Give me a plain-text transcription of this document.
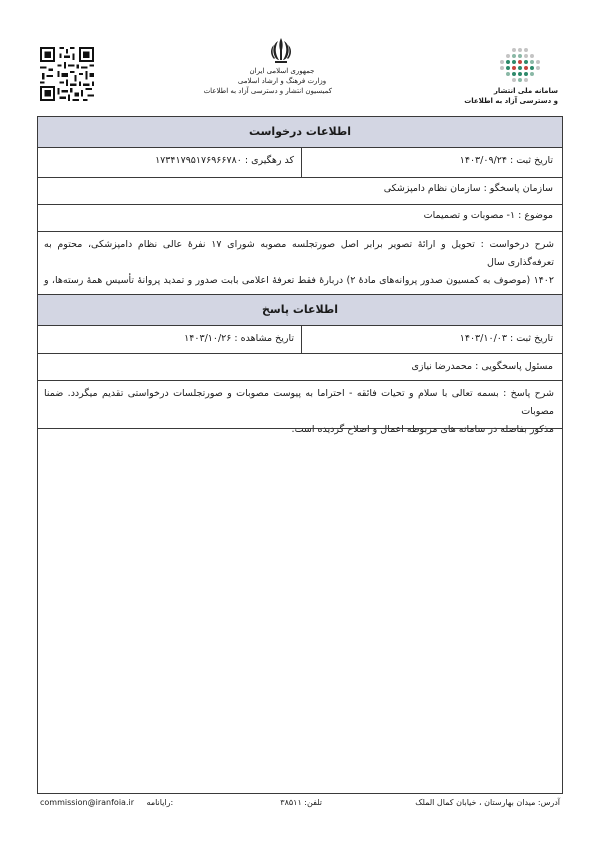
جمهوری اسلامی ایران
وزارت فرهنگ و ارشاد اسلامی
کمیسیون انتشار و دسترسی آزاد به اطلاعات	سامانه ملی انتشار
و دسترسی آزاد به اطلاعات
اطلاعات درخواست
تاریخ ثبت : ۱۴۰۳/۰۹/۲۴
کد رهگیری : ۱۷۳۴۱۷۹۵۱۷۶۹۶۶۷۸۰
سازمان پاسخگو : سازمان نظام دامپزشکی
موضوع : ۱- مصوبات و تصمیمات
شرح درخواست : تحویل و ارائهٔ تصویر برابر اصل صورتجلسه مصوبه شورای ۱۷ نفرهٔ عالی نظام دامپزشکی، محتوم به تعرفه‌گذاری سال
۱۴۰۲ (موصوف به کمسیون صدور پروانه‌های مادهٔ ۲) دربارهٔ فقط تعرفهٔ اعلامی بابت صدور و تمدید پروانهٔ تأسیس همهٔ رسته‌ها، و
اطلاعات پاسخ
تاریخ ثبت : ۱۴۰۳/۱۰/۰۳
تاریخ مشاهده : ۱۴۰۳/۱۰/۲۶
مسئول پاسخگویی : محمدرضا نیازی
شرح پاسخ : بسمه تعالی با سلام و تحیات فائقه - احتراما به پیوست مصوبات و صورتجلسات درخواستی تقدیم میگردد. ضمنا مصوبات
مذکور بفاصله در سامانه های مربوطه اعمال و اصلاح گردیده است.
آدرس: میدان بهارستان ، خیابان کمال الملک
تلفن: ۳۸۵۱۱
commission@iranfoia.ir رایانامه:
